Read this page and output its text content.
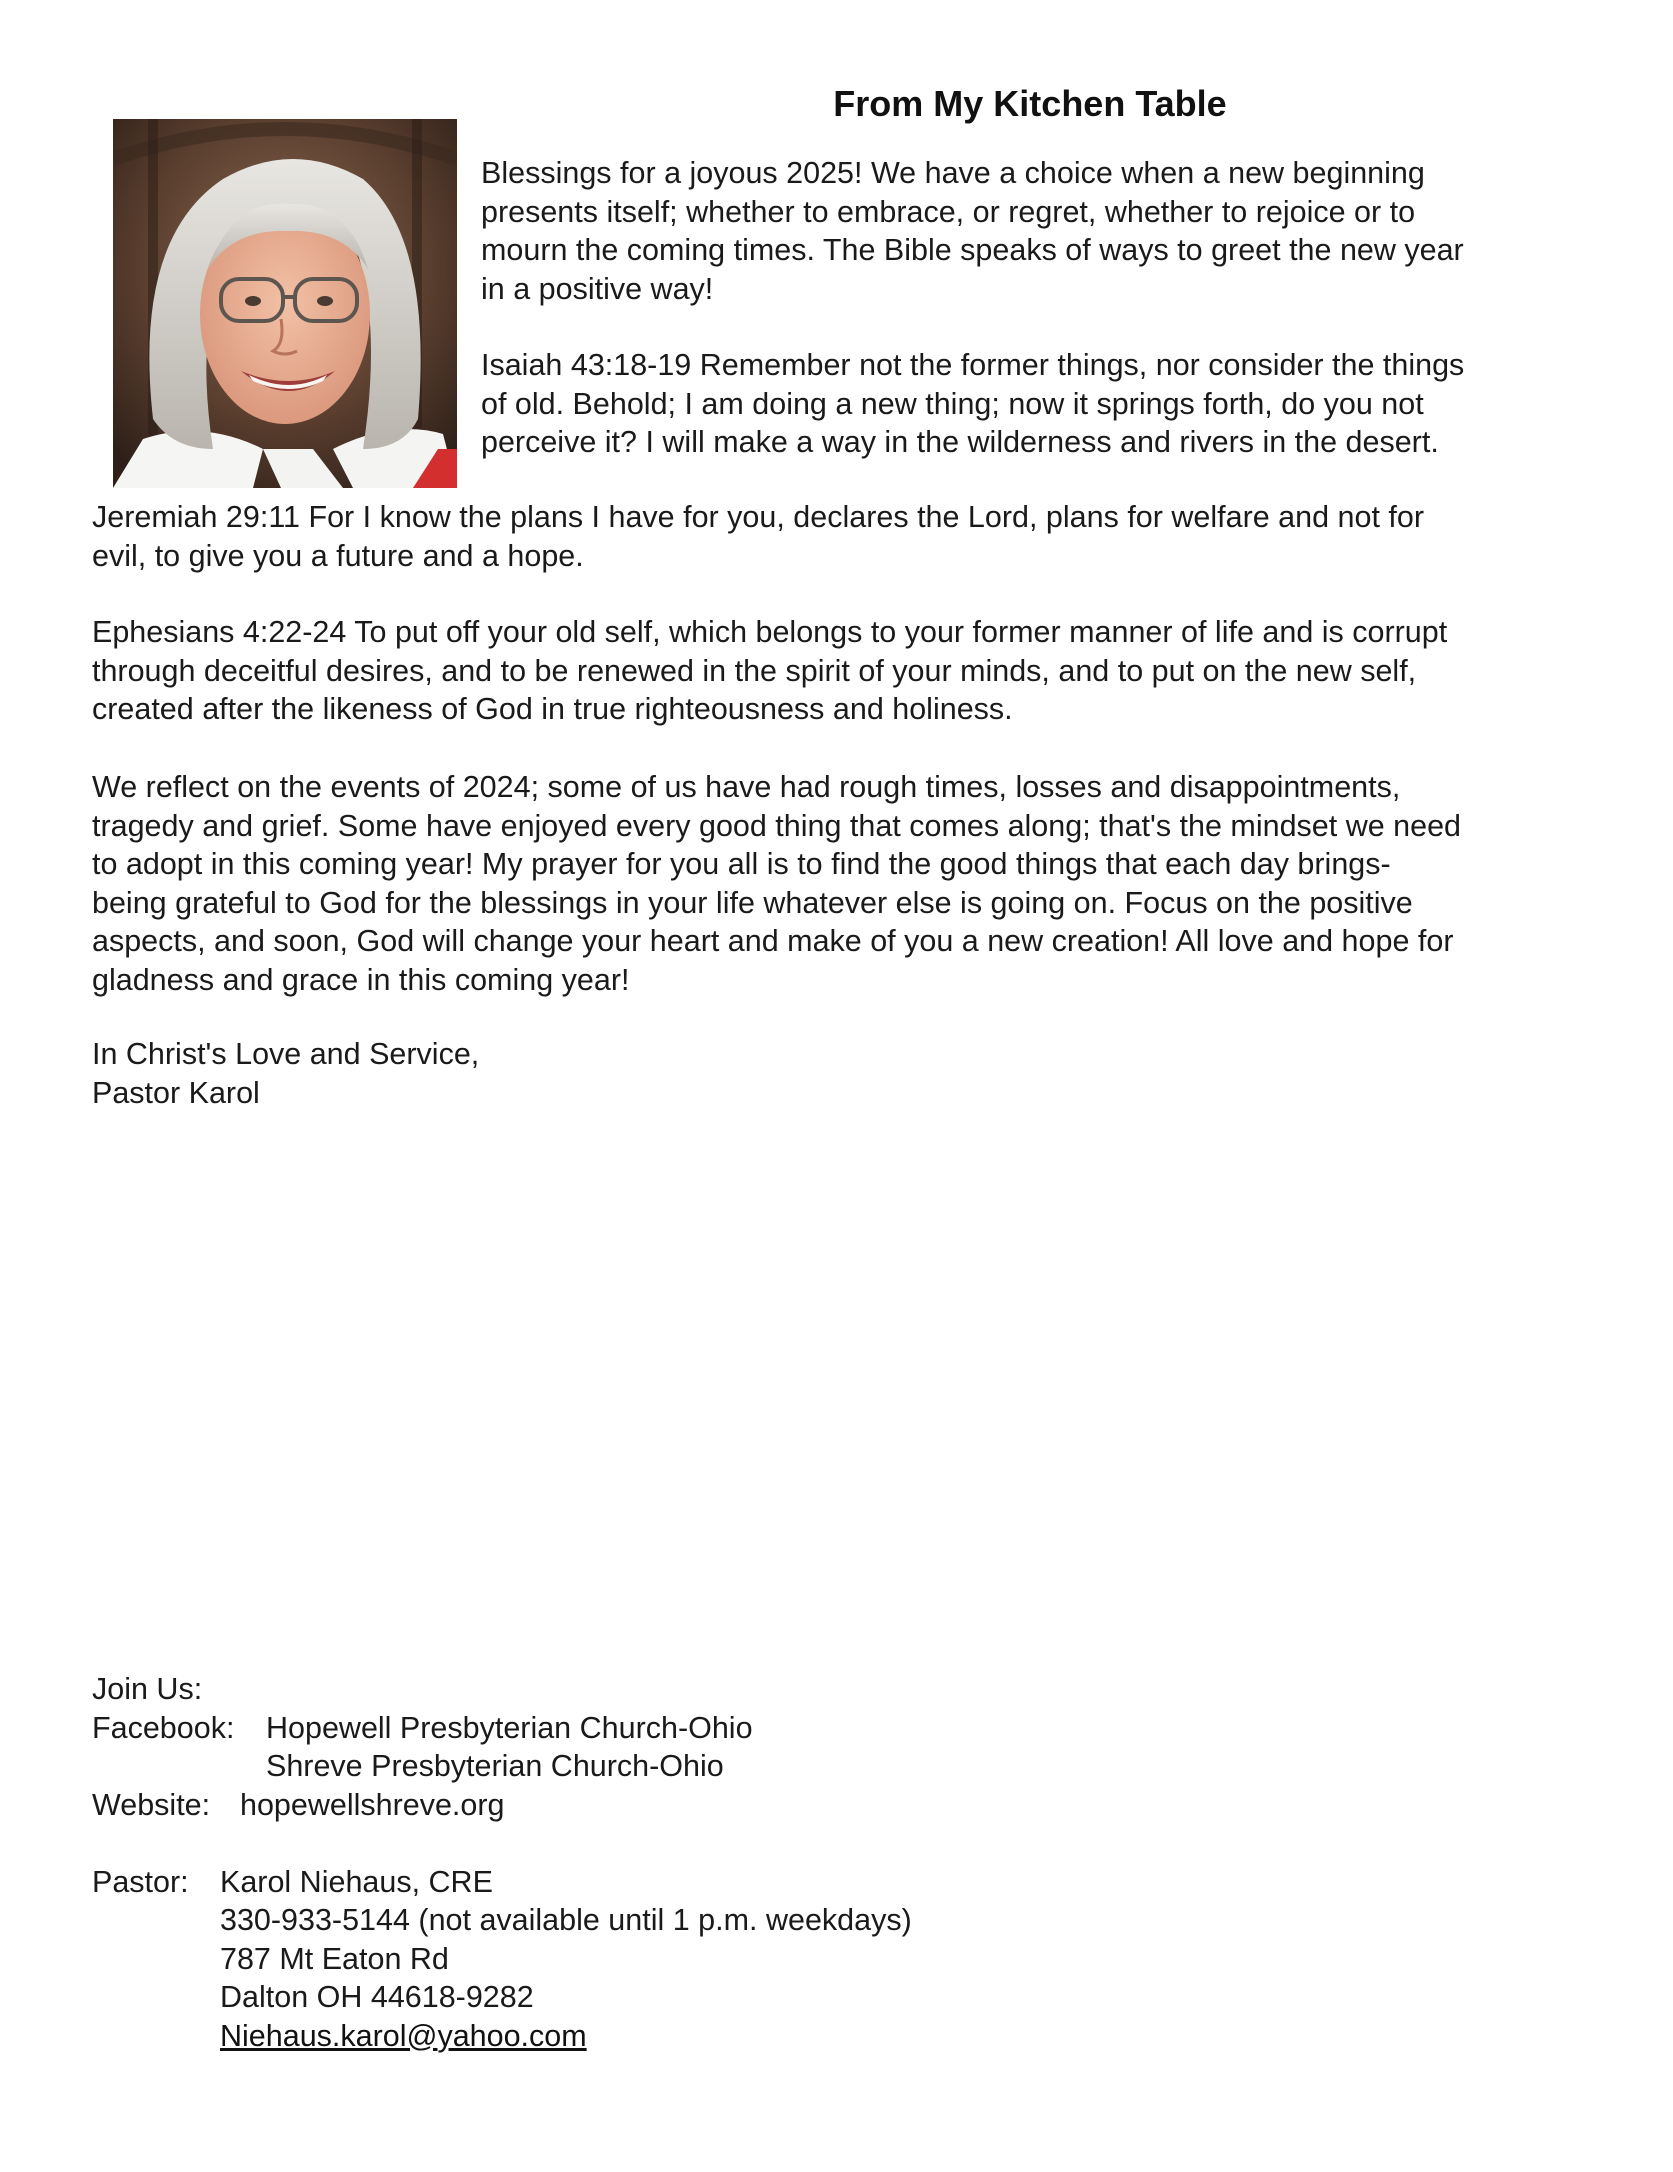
From My Kitchen Table

Blessings for a joyous 2025! We have a choice when a new beginning
presents itself; whether to embrace, or regret, whether to rejoice or to
mourn the coming times. The Bible speaks of ways to greet the new year
in a positive way!

Isaiah 43:18-19 Remember not the former things, nor consider the things
of old. Behold; I am doing a new thing; now it springs forth, do you not
perceive it? I will make a way in the wilderness and rivers in the desert.

Jeremiah 29:11 For I know the plans I have for you, declares the Lord, plans for welfare and not for
evil, to give you a future and a hope.

Ephesians 4:22-24 To put off your old self, which belongs to your former manner of life and is corrupt
through deceitful desires, and to be renewed in the spirit of your minds, and to put on the new self,
created after the likeness of God in true righteousness and holiness.

We reflect on the events of 2024; some of us have had rough times, losses and disappointments,
tragedy and grief. Some have enjoyed every good thing that comes along; that's the mindset we need
to adopt in this coming year! My prayer for you all is to find the good things that each day brings-
being grateful to God for the blessings in your life whatever else is going on. Focus on the positive
aspects, and soon, God will change your heart and make of you a new creation! All love and hope for
gladness and grace in this coming year!

In Christ's Love and Service,
Pastor Karol
Join Us:
Facebook:	Hopewell Presbyterian Church-Ohio
Shreve Presbyterian Church-Ohio
Website: hopewellshreve.org
Pastor:	Karol Niehaus, CRE
330-933-5144 (not available until 1 p.m. weekdays)
787 Mt Eaton Rd
Dalton OH 44618-9282
Niehaus.karol@yahoo.com
